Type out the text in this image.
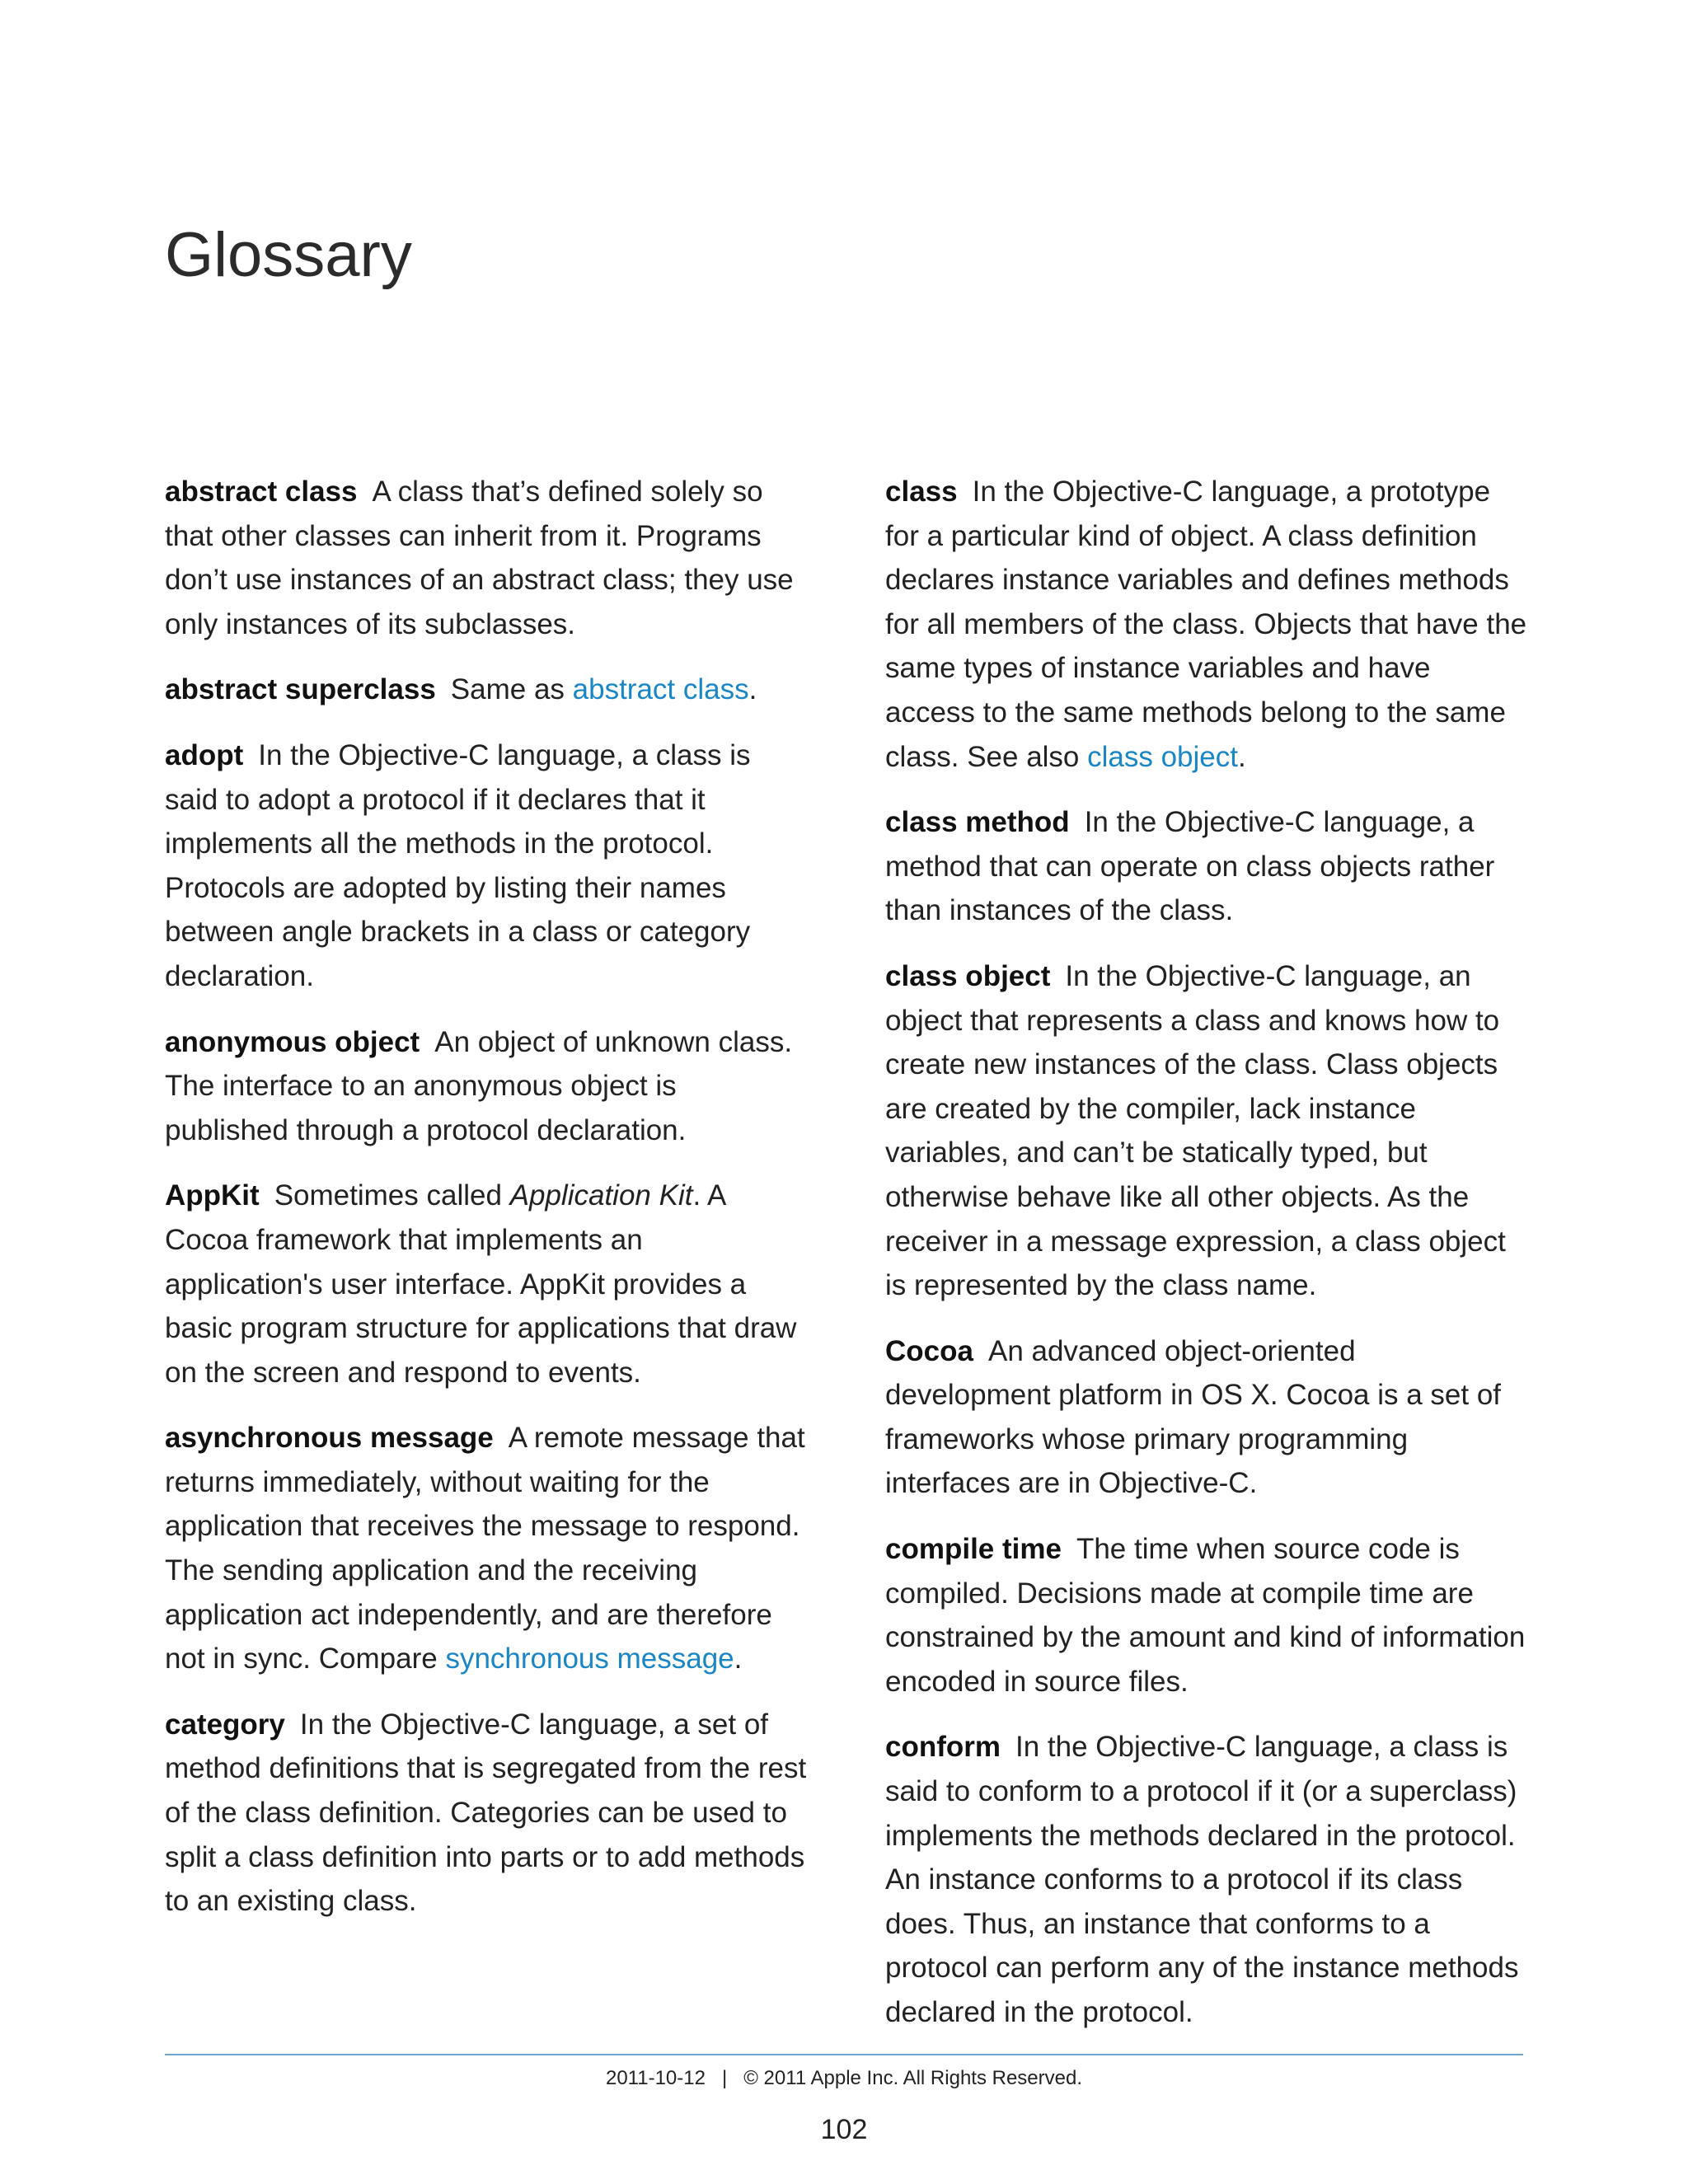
Glossary

abstract class A class that’s defined solely so that other classes can inherit from it. Programs don’t use instances of an abstract class; they use only instances of its subclasses.

abstract superclass Same as abstract class.

adopt In the Objective-C language, a class is said to adopt a protocol if it declares that it implements all the methods in the protocol. Protocols are adopted by listing their names between angle brackets in a class or category declaration.

anonymous object An object of unknown class. The interface to an anonymous object is published through a protocol declaration.

AppKit Sometimes called Application Kit. A Cocoa framework that implements an application's user interface. AppKit provides a basic program structure for applications that draw on the screen and respond to events.

asynchronous message A remote message that returns immediately, without waiting for the application that receives the message to respond. The sending application and the receiving application act independently, and are therefore not in sync. Compare synchronous message.

category In the Objective-C language, a set of method definitions that is segregated from the rest of the class definition. Categories can be used to split a class definition into parts or to add methods to an existing class.

class In the Objective-C language, a prototype for a particular kind of object. A class definition declares instance variables and defines methods for all members of the class. Objects that have the same types of instance variables and have access to the same methods belong to the same class. See also class object.

class method In the Objective-C language, a method that can operate on class objects rather than instances of the class.

class object In the Objective-C language, an object that represents a class and knows how to create new instances of the class. Class objects are created by the compiler, lack instance variables, and can’t be statically typed, but otherwise behave like all other objects. As the receiver in a message expression, a class object is represented by the class name.

Cocoa An advanced object-oriented development platform in OS X. Cocoa is a set of frameworks whose primary programming interfaces are in Objective-C.

compile time The time when source code is compiled. Decisions made at compile time are constrained by the amount and kind of information encoded in source files.

conform In the Objective-C language, a class is said to conform to a protocol if it (or a superclass) implements the methods declared in the protocol. An instance conforms to a protocol if its class does. Thus, an instance that conforms to a protocol can perform any of the instance methods declared in the protocol.

2011-10-12 | © 2011 Apple Inc. All Rights Reserved.
102
